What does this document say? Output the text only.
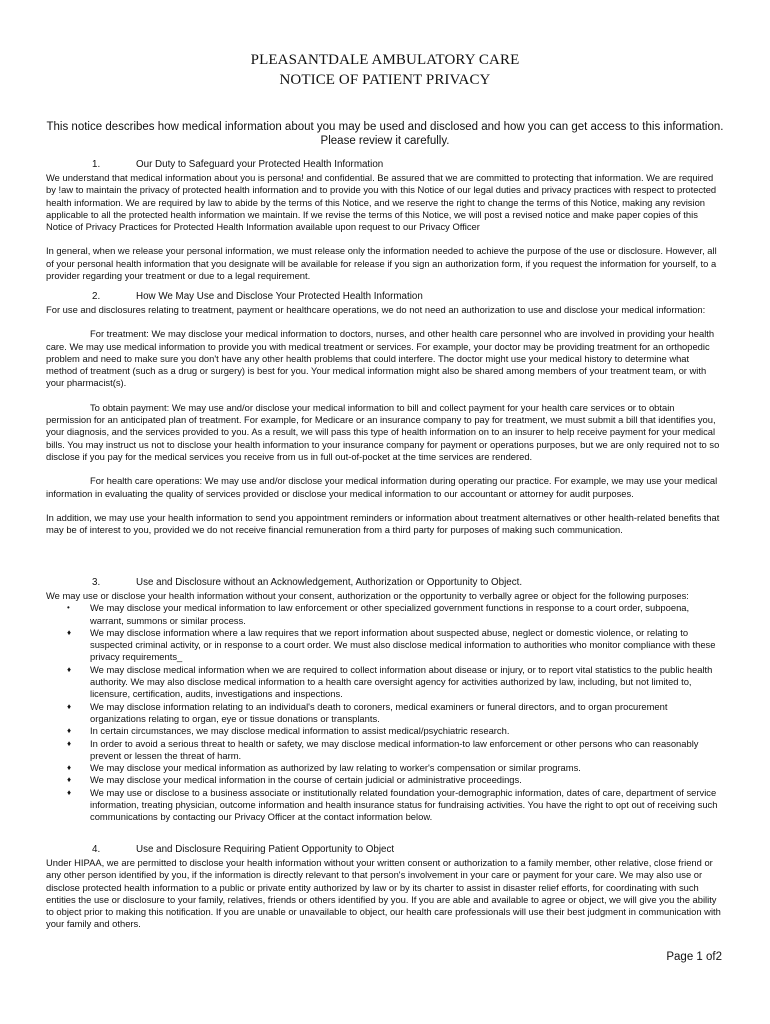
PLEASANTDALE AMBULATORY CARE
NOTICE OF PATIENT PRIVACY
This notice describes how medical information about you may be used and disclosed and how you can get access to this information. Please review it carefully.
1.	Our Duty to Safeguard your Protected Health Information

We understand that medical information about you is persona! and confidential. Be assured that we are committed to protecting that information. We are required by !aw to maintain the privacy of protected health information and to provide you with this Notice of our legal duties and privacy practices with respect to protected health information. We are required by law to abide by the terms of this Notice, and we reserve the right to change the terms of this Notice, making any revision applicable to all the protected health information we maintain. If we revise the terms of this Notice, we will post a revised notice and make paper copies of this Notice of Privacy Practices for Protected Health Information available upon request to our Privacy Officer

In general, when we release your personal information, we must release only the information needed to achieve the purpose of the use or disclosure. However, all of your personal health information that you designate will be available for release if you sign an authorization form, if you request the information for yourself, to a provider regarding your treatment or due to a legal requirement.

2.	How We May Use and Disclose Your Protected Health Information

For use and disclosures relating to treatment, payment or healthcare operations, we do not need an authorization to use and disclose your medical information:

For treatment: We may disclose your medical information to doctors, nurses, and other health care personnel who are involved in providing your health care. We may use medical information to provide you with medical treatment or services. For example, your doctor may be providing treatment for an orthopedic problem and need to make sure you don't have any other health problems that could interfere. The doctor might use your medical history to determine what method of treatment (such as a drug or surgery) is best for you. Your medical information might also be shared among members of your treatment team, or with your pharmacist(s).

To obtain payment: We may use and/or disclose your medical information to bill and collect payment for your health care services or to obtain permission for an anticipated plan of treatment. For example, for Medicare or an insurance company to pay for treatment, we must submit a bill that identifies you, your diagnosis, and the services provided to you. As a result, we will pass this type of health information on to an insurer to help receive payment for your medical bills. You may instruct us not to disclose your health information to your insurance company for payment or operations purposes, but we are only required not to so disclose if you pay for the medical services you receive from us in full out-of-pocket at the time services are rendered.

For health care operations: We may use and/or disclose your medical information during operating our practice. For example, we may use your medical information in evaluating the quality of services provided or disclose your medical information to our accountant or attorney for audit purposes.

In addition, we may use your health information to send you appointment reminders or information about treatment alternatives or other health-related benefits that may be of interest to you, provided we do not receive financial remuneration from a third party for purposes of making such communication.

3.	Use and Disclosure without an Acknowledgement, Authorization or Opportunity to Object.

We may use or disclose your health information without your consent, authorization or the opportunity to verbally agree or object for the following purposes:

• We may disclose your medical information to law enforcement or other specialized government functions in response to a court order, subpoena, warrant, summons or similar process.
♦ We may disclose information where a law requires that we report information about suspected abuse, neglect or domestic violence, or relating to suspected criminal activity, or in response to a court order. We must also disclose medical information to authorities who monitor compliance with these privacy requirements_
♦ We may disclose medical information when we are required to collect information about disease or injury, or to report vital statistics to the public health authority. We may also disclose medical information to a health care oversight agency for activities authorized by law, including, but not limited to, licensure, certification, audits, investigations and inspections.
♦ We may disclose information relating to an individual's death to coroners, medical examiners or funeral directors, and to organ procurement organizations relating to organ, eye or tissue donations or transplants.
♦ In certain circumstances, we may disclose medical information to assist medical/psychiatric research.
♦ In order to avoid a serious threat to health or safety, we may disclose medical information-to law enforcement or other persons who can reasonably prevent or lessen the threat of harm.
♦ We may disclose your medical information as authorized by law relating to worker's compensation or similar programs.
♦ We may disclose your medical information in the course of certain judicial or administrative proceedings.
♦ We may use or disclose to a business associate or institutionally related foundation your-demographic information, dates of care, department of service information, treating physician, outcome information and health insurance status for fundraising activities. You have the right to opt out of receiving such communications by contacting our Privacy Officer at the contact information below.
4.	Use and Disclosure Requiring Patient Opportunity to Object

Under HIPAA, we are permitted to disclose your health information without your written consent or authorization to a family member, other relative, close friend or any other person identified by you, if the information is directly relevant to that person's involvement in your care or payment for your care. We may also use or disclose protected health information to a public or private entity authorized by law or by its charter to assist in disaster relief efforts, for coordinating with such entities the use or disclosure to your family, relatives, friends or others identified by you. If you are able and available to agree or object, we will give you the ability to object prior to making this notification. If you are unable or unavailable to object, our health care professionals will use their best judgment in communication with your family and others.

Page 1 of2
